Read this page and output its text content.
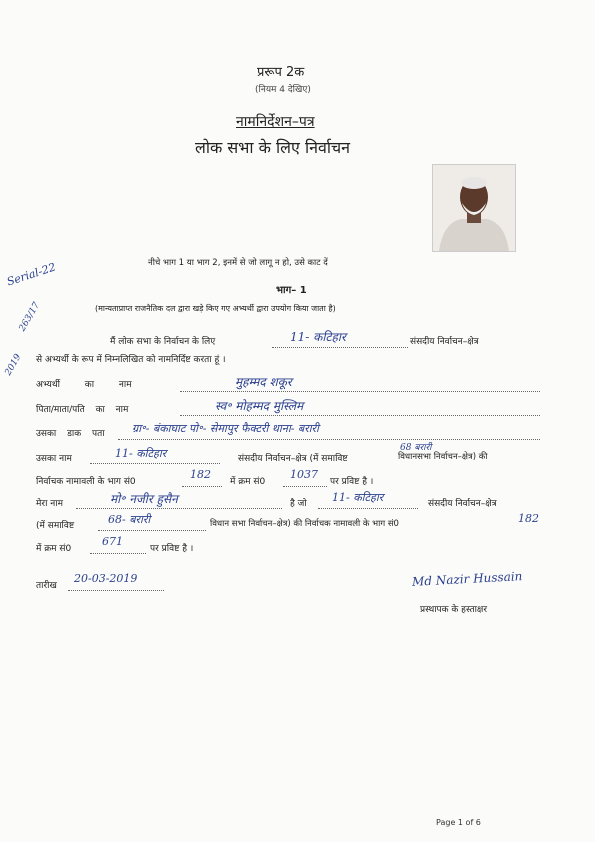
प्ररूप 2क
(नियम 4 देखिए)
नामनिर्देशन–पत्र
लोक सभा के लिए निर्वाचन
Serial-22
263/17
2019
नीचे भाग 1 या भाग 2, इनमें से जो लागू न हो, उसे काट दें
भाग– 1
(मान्यताप्राप्त राजनैतिक दल द्वारा खड़े किए गए अभ्यर्थी द्वारा उपयोग किया जाता है)
मैं लोक सभा के निर्वाचन के लिए	11- कटिहार	संसदीय निर्वाचन–क्षेत्र
से अभ्यर्थी के रूप में निम्नलिखित को नामनिर्दिष्ट करता हूं ।
अभ्यर्थी का नाम	मुहम्मद शकूर
पिता/माता/पति का नाम	स्व॰ मोहम्मद मुस्लिम
उसका डाक पता ग्रा॰- बंकाघाट पो॰- सेमापुर फैक्टरी थाना- बरारी
उसका नाम	11- कटिहार	संसदीय निर्वाचन–क्षेत्र (में समाविष्ट
68 बरारी
विधानसभा निर्वाचन–क्षेत्र) की
निर्वाचक नामावली के भाग सं0
182
में क्रम सं0
1037
पर प्रविष्ट है ।
मेरा नाम	मो॰ नजीर हुसैन	है जो 11- कटिहार	संसदीय निर्वाचन–क्षेत्र
(में समाविष्ट	68- बरारी	विधान सभा निर्वाचन–क्षेत्र) की निर्वाचक नामावली के भाग सं0	182
में क्रम सं0
671
पर प्रविष्ट है ।
तारीख
20-03-2019	Md Nazir Hussain
प्रस्थापक के हस्ताक्षर
Page 1 of 6
